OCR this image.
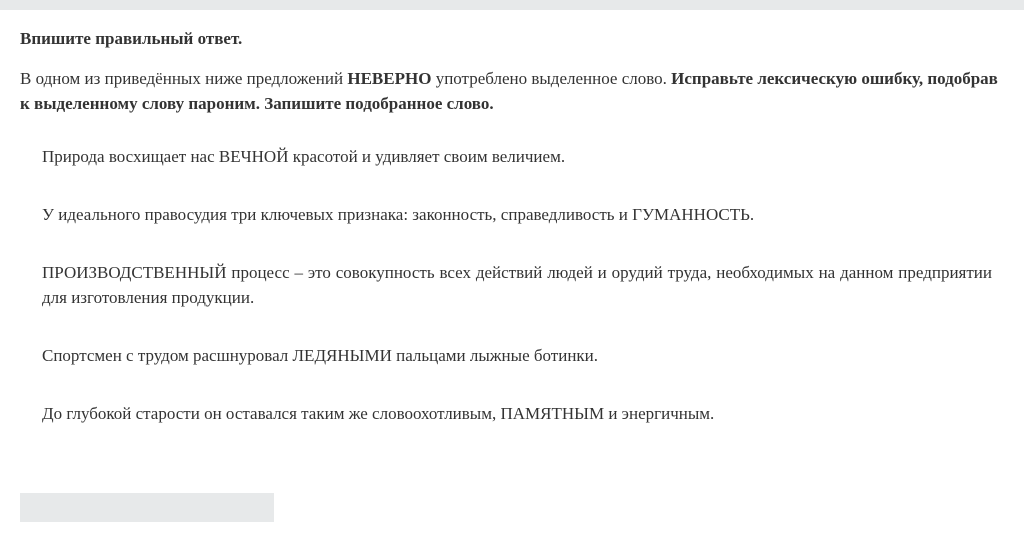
Впишите правильный ответ.
В одном из приведённых ниже предложений НЕВЕРНО употреблено выделенное слово. Исправьте лексическую ошибку, подобрав
к выделенному слову пароним. Запишите подобранное слово.

Природа восхищает нас ВЕЧНОЙ красотой и удивляет своим величием.

У идеального правосудия три ключевых признака: законность, справедливость и ГУМАННОСТЬ.

ПРОИЗВОДСТВЕННЫЙ процесс – это совокупность всех действий людей и орудий труда, необходимых на данном предприятии для изготовления продукции.

Спортсмен с трудом расшнуровал ЛЕДЯНЫМИ пальцами лыжные ботинки.

До глубокой старости он оставался таким же словоохотливым, ПАМЯТНЫМ и энергичным.
